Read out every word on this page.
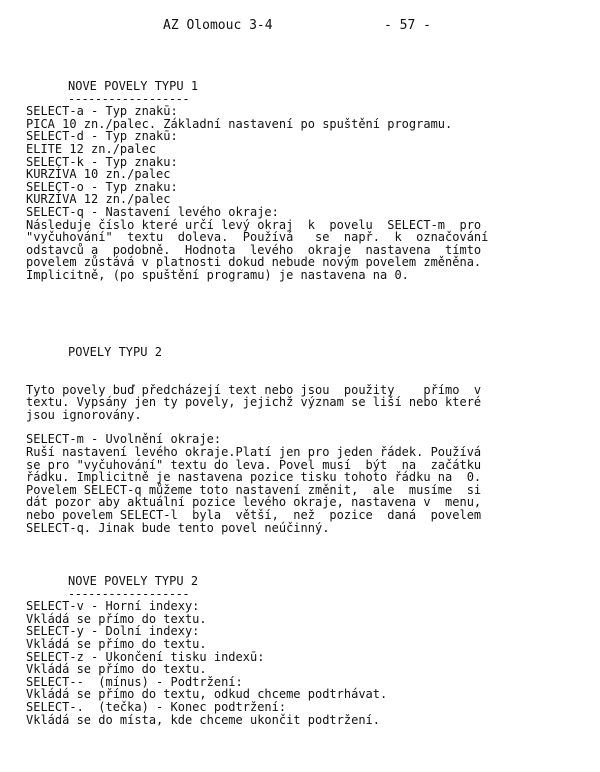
AZ Olomouc 3-4	- 57 -
NOVE POVELY TYPU 1
------------------
SELECT-a - Typ znakū:
PICA 10 zn./palec. Základní nastavení po spuštění programu.
SELECT-d - Typ znakū:
ELITE 12 zn./palec
SELECT-k - Typ znaku:
KURZÍVA 10 zn./palec
SELECT-o - Typ znaku:
KURZÍVA 12 zn./palec
SELECT-q - Nastavení levého okraje:
Následuje číslo které určí levý okraj  k  povelu  SELECT-m  pro
"vyčuhování"  textu  doleva.  Používá   se  např.  k  označování
odstavců a  podobně.  Hodnota  levého  okraje  nastavena  tímto
povelem zůstává v platnosti dokud nebude novým povelem změněna.
Implicitně, (po spuštění programu) je nastavena na 0.
POVELY TYPU 2
Tyto povely buď předcházejí text nebo jsou  použity    přímo  v
textu. Vypsány jen ty povely, jejichž význam se liší nebo které
jsou ignorovány.
SELECT-m - Uvolnění okraje:
Ruší nastavení levého okraje.Platí jen pro jeden řádek. Používá
se pro "vyčuhování" textu do leva. Povel musí  být  na  začátku
řádku. Implicitně je nastavena pozice tisku tohoto řádku na  0.
Povelem SELECT-q můžeme toto nastavení změnit,  ale  musíme  si
dát pozor aby aktuální pozice levého okraje, nastavena v  menu,
nebo povelem SELECT-l  byla  větší,  než  pozice  daná  povelem
SELECT-q. Jinak bude tento povel neúčinný.
NOVE POVELY TYPU 2
------------------
SELECT-v - Horní indexy:
Vkládá se přímo do textu.
SELECT-y - Dolní indexy:
Vkládá se přímo do textu.
SELECT-z - Ukončení tisku indexū:
Vkládá se přímo do textu.
SELECT--  (mínus) - Podtržení:
Vkládá se přímo do textu, odkud chceme podtrhávat.
SELECT-.  (tečka) - Konec podtržení:
Vkládá se do místa, kde chceme ukončit podtržení.
